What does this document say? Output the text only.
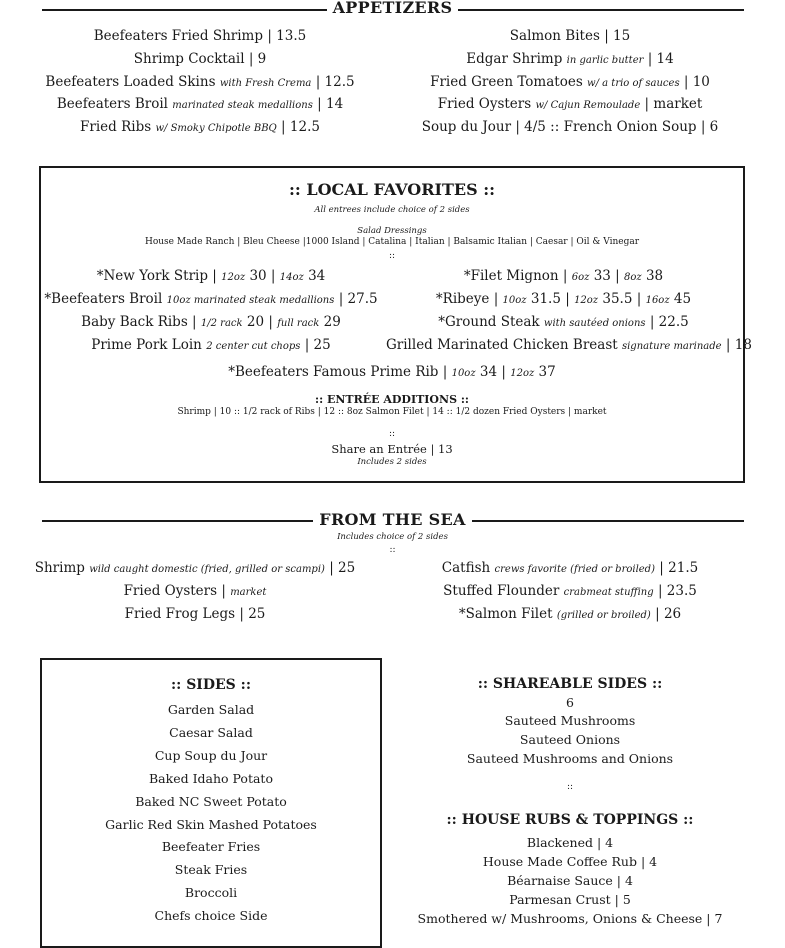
APPETIZERS
Beefeaters Fried Shrimp | 13.5
Shrimp Cocktail | 9
Beefeaters Loaded Skins with Fresh Crema | 12.5
Beefeaters Broil marinated steak medallions | 14
Fried Ribs w/ Smoky Chipotle BBQ | 12.5
Salmon Bites | 15
Edgar Shrimp in garlic butter | 14
Fried Green Tomatoes w/ a trio of sauces | 10
Fried Oysters w/ Cajun Remoulade | market
Soup du Jour | 4/5 :: French Onion Soup | 6
:: LOCAL FAVORITES ::
All entrees include choice of 2 sides
Salad Dressings
House Made Ranch | Bleu Cheese |1000 Island | Catalina | Italian | Balsamic Italian | Caesar | Oil & Vinegar
::
*New York Strip | 12oz 30 | 14oz 34
*Beefeaters Broil 10oz marinated steak medallions | 27.5
Baby Back Ribs | 1/2 rack 20 | full rack 29
Prime Pork Loin 2 center cut chops | 25
*Filet Mignon | 6oz 33 | 8oz 38
*Ribeye | 10oz 31.5 | 12oz 35.5 | 16oz 45
*Ground Steak with sautéed onions | 22.5
Grilled Marinated Chicken Breast signature marinade | 18
*Beefeaters Famous Prime Rib | 10oz 34 | 12oz 37
:: ENTRÉE ADDITIONS ::
Shrimp | 10 :: 1/2 rack of Ribs | 12 :: 8oz Salmon Filet | 14 :: 1/2 dozen Fried Oysters | market
::
Share an Entrée | 13
Includes 2 sides
FROM THE SEA
Includes choice of 2 sides
::
Shrimp wild caught domestic (fried, grilled or scampi) | 25
Fried Oysters | market
Fried Frog Legs | 25
Catfish crews favorite (fried or broiled) | 21.5
Stuffed Flounder crabmeat stuffing | 23.5
*Salmon Filet (grilled or broiled) | 26
:: SIDES ::
Garden Salad
Caesar Salad
Cup Soup du Jour
Baked Idaho Potato
Baked NC Sweet Potato
Garlic Red Skin Mashed Potatoes
Beefeater Fries
Steak Fries
Broccoli
Chefs choice Side
:: SHAREABLE SIDES ::
6
Sauteed Mushrooms
Sauteed Onions
Sauteed Mushrooms and Onions
::
:: HOUSE RUBS & TOPPINGS ::
Blackened | 4
House Made Coffee Rub | 4
Béarnaise Sauce | 4
Parmesan Crust | 5
Smothered w/ Mushrooms, Onions & Cheese | 7
